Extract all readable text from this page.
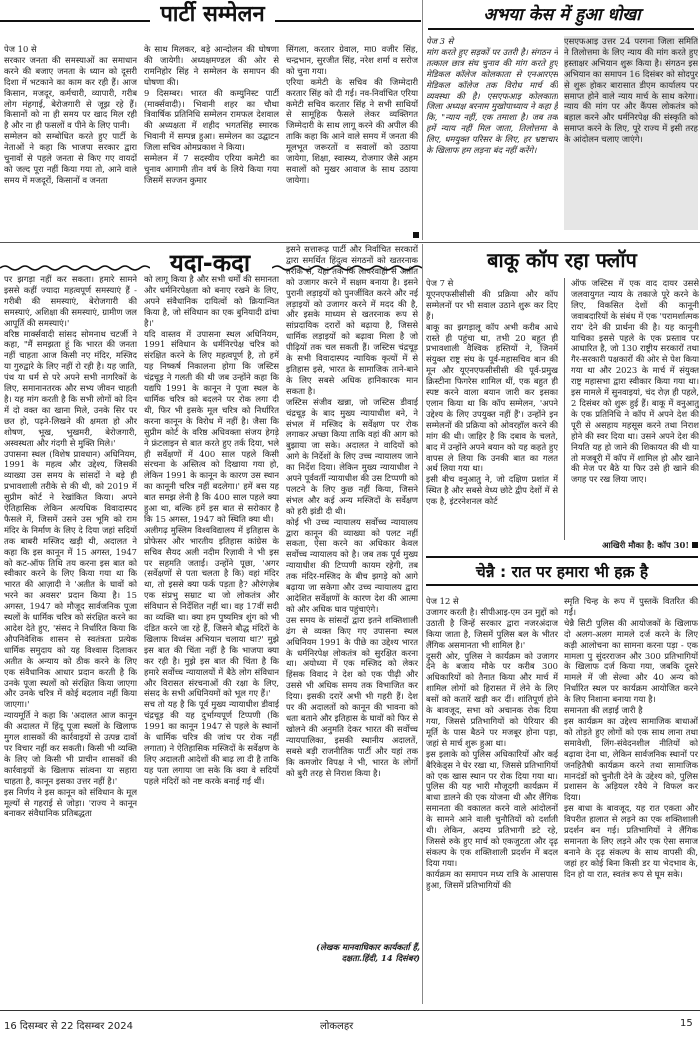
पार्टी सम्मेलन
पेज 10 से
सरकार जनता की समस्याओं का समाधान करने की बजाए जनता के ध्यान को दूसरी दिशा में भटकाने का काम कर रही हैं। आज किसान, मजदूर, कर्मचारी, व्यापारी, गरीब लोग मंहगाई, बेरोजगारी से जूझ रहे हैं। किसानों को ना ही समय पर खाद मिल रही है और ना ही फसलों व पीने के लिए पानी।
सम्मेलन को सम्बोधित करते हुए पार्टी के नेताओं ने कहा कि भाजपा सरकार द्वारा चुनावों से पहले जनता से किए गए वायदों को जल्द पूरा नहीं किया गया तो, आने वाले समय में मजदूरों, किसानों व जनता
के साथ मिलकर, बड़े आन्दोलन की घोषणा की जायेगी। अध्यक्षमण्डल की ओर से रामनिहोर सिंह ने सम्मेलन के समापन की घोषणा की।
9 दिसम्बर। भारत की कम्युनिस्ट पार्टी (मार्क्सवादी)। भिवानी शहर का चौथा त्रिवार्षिक प्रतिनिधि सम्मेलन रामफल देशवाल की अध्यक्षता में शहीद भगतसिंह स्मारक भिवानी में सम्पन्न हुआ। सम्मेलन का उद्घाटन जिला सचिव ओमप्रकाश ने किया।
सम्मेलन में 7 सदस्यीय एरिया कमेटी का चुनाव आगामी तीन वर्ष के लिये किया गया जिसमें सज्जन कुमार
सिंगला, करतार ग्रेवाल, मा0 वजीर सिंह, चन्द्रभान, सुरजीत सिंह, नरेश शर्मा व सरोज को चुना गया।
एरिया कमेटी के सचिव की जिम्मेदारी करतार सिंह को दी गई। नव-निर्वाचित एरिया कमेटी सचिव करतार सिंह ने सभी साथियों से सामूहिक फैसले लेकर व्यक्तिगत जिम्मेदारी के साथ लागू करने की अपील की ताकि कहा कि आने वाले समय में जनता की मूलभूत जरूरतों व सवालों को उठाया जायेगा, शिक्षा, स्वास्थ्य, रोजगार जैसे अहम सवालों को मुखर आवाज के साथ उठाया जायेगा।
अभया केस में हुआ धोखा
पेज 3 से
मांग करते हुए सड़कों पर उतरी है। संगठन ने तत्काल छात्र संघ चुनाव की मांग करते हुए मेडिकल कॉलेज कोलकाता से एनआरएस मेडिकल कॉलेज तक विरोध मार्च की व्यवस्था की है। एसएफआइ कोलकाता जिला अध्यक्ष बरनाम मुखोपाध्याय ने कहा है कि, "न्याय नहीं, एक तमाशा है। जब तक हमें न्याय नहीं मिल जाता, तिलोत्तमा के लिए, धमयुक्त परिसर के लिए, हर भ्रष्टाचार के खिलाफ हम लड़ना बंद नहीं करेंगे।
एसएफआइ उत्तर 24 परगना जिला समिति ने तिलोत्तमा के लिए न्याय की मांग करते हुए हस्ताक्षर अभियान शुरू किया है। संगठन इस अभियान का समापन 16 दिसंबर को सोदपुर से शुरू होकर बारासात डीएम कार्यालय पर समाप्त होने वाले न्याय मार्च के साथ करेगा। न्याय की मांग पर और कैंपस लोकतंत्र को बहाल करने और धर्मनिरपेक्ष की संस्कृति को समाप्त करने के लिए, पूरे राज्य में इसी तरह के आंदोलन चलाए जाएंगे।
यदा-कदा
पर झगड़ा नहीं कर सकता। हमारे सामने इससे कहीं ज्यादा महत्वपूर्ण समस्याएं हैं - गरीबी की समस्याएं, बेरोजगारी की समस्याएं, अशिक्षा की समस्याएं, ग्रामीण जल आपूर्ति की समस्याएं।'
वरिष्ठ मार्क्सवादी सांसद सोमनाथ चटर्जी ने कहा, "मैं समझता हूं कि भारत की जनता नहीं चाहता आज किसी नए मंदिर, मस्जिद या गुरुद्वारे के लिए नहीं रो रही है। यह जाति, पंथ या धर्म से परे अपने सभी नागरिकों के लिए, समानानतरक और सभ्य जीवन चाहती है। यह मांग करती है कि सभी लोगों को दिन में दो वक्त का खाना मिले, उनके सिर पर छत हो, पढ़ने-लिखने की क्षमता हो और शोषण, भूख, भुखमरी, बेरोजगारी, अस्वस्थता और गंदगी से मुक्ति मिले।'
उपासना स्थल (विशेष प्रावधान) अधिनियम, 1991 के महत्व और उद्देश्य, जिसकी व्याख्या उस समय के सांसदों ने बड़े ही प्रभावशाली तरीके से की थी, को 2019 में सुप्रीम कोर्ट ने रेखांकित किया। अपने ऐतिहासिक लेकिन अत्यधिक विवादास्पद फैसले में, जिसमें उसने उस भूमि को राम मंदिर के निर्माण के लिए दे दिया जहां सदियों तक बाबरी मस्जिद खड़ी थी, अदालत ने कहा कि इस कानून में 15 अगस्त, 1947 को कट-ऑफ तिथि तय करना इस बात को स्वीकार करने के लिए किया गया था कि भारत की आज़ादी ने 'अतीत के घावों को भरने का अवसर' प्रदान किया है। 15 अगस्त, 1947 को मौजूद सार्वजनिक पूजा स्थलों के धार्मिक चरित्र को संरक्षित करने का आदेश देते हुए, 'संसद ने निर्धारित किया कि औपनिवेशिक शासन से स्वतंत्रता प्रत्येक धार्मिक समुदाय को यह विश्वास दिलाकर अतीत के अन्याय को ठीक करने के लिए एक संवैधानिक आधार प्रदान करती है कि उनके पूजा स्थलों को संरक्षित किया जाएगा और उनके चरित्र में कोई बदलाव नहीं किया जाएगा।'
न्यायमूर्ति ने कहा कि 'अदालत आज कानून की अदालत में हिंदू पूजा स्थलों के खिलाफ मुगल शासकों की कार्रवाइयों से उत्पन्न दावों पर विचार नहीं कर सकती। किसी भी व्यक्ति के लिए जो किसी भी प्राचीन शासकों की कार्रवाइयों के खिलाफ सांत्वना या सहारा चाहता है, कानून इसका उत्तर नहीं है।'
इस निर्णय ने इस कानून को संविधान के मूल मूल्यों से गहराई से जोड़ा। 'राज्य ने कानून बनाकर संवैधानिक प्रतिबद्धता
को लागू किया है और सभी धर्मों की समानता और धर्मनिरपेक्षता को बनाए रखने के लिए, अपने संवैधानिक दायित्वों को क्रियान्वित किया है, जो संविधान का एक बुनियादी ढांचा है।'
यदि वास्तव में उपासना स्थल अधिनियम, 1991 संविधान के धर्मनिरपेक्ष चरित्र को संरक्षित करने के लिए महत्वपूर्ण है, तो हमें यह निष्कर्ष निकालना होगा कि जस्टिस चंद्रचूड़ ने गलती की थी जब उन्होंने कहा कि यद्यपि 1991 के कानून ने पूजा स्थल के धार्मिक चरित्र को बदलने पर रोक लगा दी थी, फिर भी इसके मूल चरित्र को निर्धारित करना कानून के विरोध में नहीं है। जैसा कि सुप्रीम कोर्ट के वरिष्ठ अधिवक्ता संजय हेगड़े ने फ्रंटलाइन से बात करते हुए तर्क दिया, भले ही सर्वेक्षणों में 400 साल पहले किसी संरचना के अस्तित्व को दिखाया गया हो, लेकिन 1991 के कानून के कारण उस स्थान का कानूनी चरित्र नहीं बदलेगा।' हमें बस यह बात समझ लेनी है कि 400 साल पहले क्या हुआ था, बल्कि हमें इस बात से सरोकार है कि 15 अगस्त, 1947 को स्थिति क्या थी।
अलीगढ़ मुस्लिम विश्वविद्यालय में इतिहास के प्रोफेसर और भारतीय इतिहास कांग्रेस के सचिव सैयद अली नदीम रिज़ावी ने भी इस पर सहमति जताई। उन्होंने पूछा, 'अगर (सर्वेक्षणों से पता चलता है कि) वहां मंदिर था, तो इससे क्या फर्क पड़ता है? औरंगज़ेब एक संप्रभु सम्राट था जो लोकतंत्र और संविधान से निर्देशित नहीं था। वह 17वीं सदी का व्यक्ति था। क्या हम पुष्यमित्र शुंग को भी दंडित करने जा रहे हैं, जिसने बौद्ध मंदिरों के खिलाफ विध्वंस अभियान चलाया था?' मुझे इस बात की चिंता नहीं है कि भाजपा क्या कर रही है। मुझे इस बात की चिंता है कि हमारे सर्वोच्च न्यायालयों में बैठे लोग संविधान और विरासत संरचनाओं की रक्षा के लिए, संसद के सभी अधिनियमों को भूल गए हैं।'
सच तो यह है कि पूर्व मुख्य न्यायाधीश डीवाई चंद्रचूड़ की यह दुर्भाग्यपूर्ण टिप्पणी (कि 1991 का कानून 1947 से पहले के स्थानों के धार्मिक चरित्र की जांच पर रोक नहीं लगाता) ने ऐतिहासिक मस्जिदों के सर्वेक्षण के लिए अदालती आदेशों की बाढ़ ला दी है ताकि यह पता लगाया जा सके कि क्या वे सदियों पहले मंदिरों को नष्ट करके बनाई गई थीं।
इसने सत्तारूढ़ पार्टी और निर्वाचित सरकारों द्वारा समर्थित हिंदुत्व संगठनों को खतरनाक तरीके से, यहां तक कि लापरवाही से अतीत को उजागर करने में सक्षम बनाया है। इसने पुरानी लड़ाइयों को पुनर्जीवित करने और नई लड़ाइयों को उजागर करने में मदद की है, और इसके माध्यम से खतरनाक रूप से सांप्रदायिक दरारों को बढ़ाया है, जिससे धार्मिक लड़ाइयों को बढ़ावा मिला है जो पीढ़ियों तक चल सकती हैं। जस्टिस चंद्रचूड़ के सभी विवादास्पद न्यायिक कृत्यों में से इतिहास इसे, भारत के सामाजिक ताने-बाने के लिए सबसे अधिक हानिकारक मान सकता है।
जस्टिस संजीव खन्ना, जो जस्टिस डीवाई चंद्रचूड़ के बाद मुख्य न्यायाधीश बने, ने संभल में मस्जिद के सर्वेक्षण पर रोक लगाकर अच्छा किया ताकि वहां की आग को बुझाया जा सके। अदालत ने वादियों को आगे के निर्देशों के लिए उच्च न्यायालय जाने का निर्देश दिया। लेकिन मुख्य न्यायाधीश ने अपने पूर्ववर्ती न्यायाधीश की उस टिप्पणी को पलटने के लिए कुछ नहीं किया, जिसने संभल और कई अन्य मस्जिदों के सर्वेक्षण को हरी झंडी दी थी।
कोई भी उच्च न्यायालय सर्वोच्च न्यायालय द्वारा कानून की व्याख्या को पलट नहीं सकता, ऐसा करने का अधिकार केवल सर्वोच्च न्यायालय को है। जब तक पूर्व मुख्य न्यायाधीश की टिप्पणी कायम रहेगी, तब तक मंदिर-मस्जिद के बीच झगड़े को आगे बढ़ाया जा सकेगा और उच्च न्यायालय द्वारा आदेशित सर्वेक्षणों के कारण देश की आत्मा को और अधिक घाव पहुंचाएंगे।
उस समय के सांसदों द्वारा इतने शक्तिशाली ढंग से व्यक्त किए गए उपासना स्थल अधिनियम 1991 के पीछे का उद्देश्य भारत के धर्मनिरपेक्ष लोकतंत्र को सुरक्षित करना था। अयोध्या में एक मस्जिद को लेकर हिंसक विवाद ने देश को एक पीढ़ी और उससे भी अधिक समय तक विभाजित कर दिया। इसकी दरारें अभी भी गहरी हैं। देश पर की अदालतों को कानून की भावना को धता बताने और इतिहास के घावों को फिर से खोलने की अनुमति देकर भारत की सर्वोच्च न्यायपालिका, इसकी स्थानीय अदालतें, सबसे बड़ी राजनीतिक पार्टी और यहां तक कि कमजोर विपक्ष ने भी, भारत के लोगों को बुरी तरह से निराश किया है।
(लेखक मानवाधिकार कार्यकर्ता हैं, दक्षता.हिंदी, 14 दिसंबर)
बाकू कॉप रहा फ्लॉप
पेज 7 से
यूएनएफसीसीसी की प्रक्रिया और कॉप सम्मेलनों पर भी सवाल उठाने शुरू कर दिए हैं।
बाकू का झगड़ालू कॉप अभी करीब आधे रास्ते ही पहुंचा था, तभी 20 बहुत ही प्रभावशाली वैश्विक हस्तियों ने, जिनमें संयुक्त राष्ट्र संघ के पूर्व-महासचिव बान की मून और यूएनएफसीसीसी की पूर्व-प्रमुख क्रिस्टीना फिगरेस शामिल थीं, एक बहुत ही स्पष्ट करने वाला बयान जारी कर इसका एलान किया था कि कॉप सम्मेलन, 'अपने उद्देश्य के लिए उपयुक्त नहीं हैं'। उन्होंने इन सम्मेलनों की प्रक्रिया को ओवरहॉल करने की मांग की थी। जाहिर है कि दबाव के चलते, बाद में उन्होंने अपने बयान को यह कहते हुए वापस ले लिया कि उनकी बात का गलत अर्थ लिया गया था।
इसी बीच वनुआतु ने, जो दक्षिण प्रशांत में स्थित है और सबसे वेध्य छोटे द्वीप देशों में से एक है, इंटरनेशनल कोर्ट
ऑफ जस्टिस में एक वाद दायर उससे जलवायुगत न्याय के तकाजे पूरे करने के लिए, विकसित देशों की कानूनी जवाबदारियों के संबंध में एक 'परामर्शात्मक राय' देने की प्रार्थना की है। यह कानूनी याचिका इससे पहले के एक प्रस्ताव पर आधारित है, जो 130 राष्ट्रीय सरकारों तथा गैर-सरकारी पक्षकारों की ओर से पेश किया गया था और 2023 के मार्च में संयुक्त राष्ट्र महासभा द्वारा स्वीकार किया गया था। इस मामले में सुनवाइयां, चंद रोज़ ही पहले, 2 दिसंबर को शुरू हुई हैं। बाकू में वनुआतु के एक प्रतिनिधि ने कॉप में अपने देश की पूरी से असहाय महसूस करने तथा निराश होने की स्वर दिया था। उसने अपने देश की नियति यह हो जाने की शिकायत की थी या तो मजबूरी में कॉप में शामिल हो और खाने की मेज पर बैठे या फिर उसे ही खाने की जगह पर रख लिया जाए।
आखिरी मौका है: कॉप 30!
चेन्नै : रात पर हमारा भी हक़ है
पेज 12 से
उजागर करती है। सीपीआइ-एम उन मुद्दों को उठाती है जिन्हें सरकार द्वारा नजरअंदाज किया जाता है, जिसमें पुलिस बल के भीतर लैंगिक असमानता भी शामिल है।'
दूसरी ओर, पुलिस ने कार्यक्रम को उजागर देने के बजाय मौके पर करीब 300 अधिकारियों को तैनात किया और मार्च में शामिल लोगों को हिरासत में लेने के लिए बसों को कतारें खड़ी कर दीं। शांतिपूर्ण होने के बावजूद, सभा को अचानक रोक दिया गया, जिससे प्रतिभागियों को पेरियार की मूर्ति के पास बैठने पर मजबूर होना पड़ा, जहां से मार्च शुरू हुआ था।
इस इलाके को पुलिस अधिकारियों और कई बैरिकेड्स ने घेर रखा था, जिससे प्रतिभागियों को एक खास स्थान पर रोक दिया गया था। पुलिस की यह भारी मौजूदगी कार्यक्रम में बाधा डालने की एक योजना थी और लैंगिक समानता की वकालत करने वाले आंदोलनों के सामने आने वाली चुनौतियों को दर्शाती थी। लेकिन, अदम्य प्रतिभागी डटे रहे, जिससे रुके हुए मार्च को एकजुटता और दृढ़ संकल्प के एक शक्तिशाली प्रदर्शन में बदल दिया गया।
कार्यक्रम का समापन मध्य रात्रि के आसपास हुआ, जिसमें प्रतिभागियों की
स्मृति चिन्ह के रूप में पुस्तकें वितरित की गईं।
चेन्नै सिटी पुलिस की आयोजकों के खिलाफ दो अलग-अलग मामले दर्ज करने के लिए कड़ी आलोचना का सामना करना पड़ा - एक मामला पु सुंदरराजन और 300 प्रतिभागियों के खिलाफ दर्ज किया गया, जबकि दूसरे मामले में जी सेल्वा और 40 अन्य को निर्धारित स्थल पर कार्यक्रम आयोजित करने के लिए निशाना बनाया गया है।
समानता की लड़ाई जारी है
इस कार्यक्रम का उद्देश्य सामाजिक बाधाओं को तोड़ते हुए लोगों को एक साथ लाना तथा समावेशी, लिंग-संवेदनशील नीतियों को बढ़ावा देना था, लेकिन सार्वजनिक स्थानों पर जनहितैषी कार्यक्रम करने तथा सामाजिक मानदंडों को चुनौती देने के उद्देश्य को, पुलिस प्रशासन के अड़ियल रवैये ने विफल कर दिया।
इस बाधा के बावजूद, यह रात एकता और विपरीत हालात से लड़ने का एक शक्तिशाली प्रदर्शन बन गई। प्रतिभागियों ने लैंगिक समानता के लिए लड़ने और एक ऐसा समाज बनाने के दृढ़ संकल्प के साथ वापसी की, जहां हर कोई बिना किसी डर या भेदभाव के, दिन हो या रात, स्वतंत्र रूप से घूम सके।
16 दिसम्बर से 22 दिसम्बर 2024	लोकलहर	15
